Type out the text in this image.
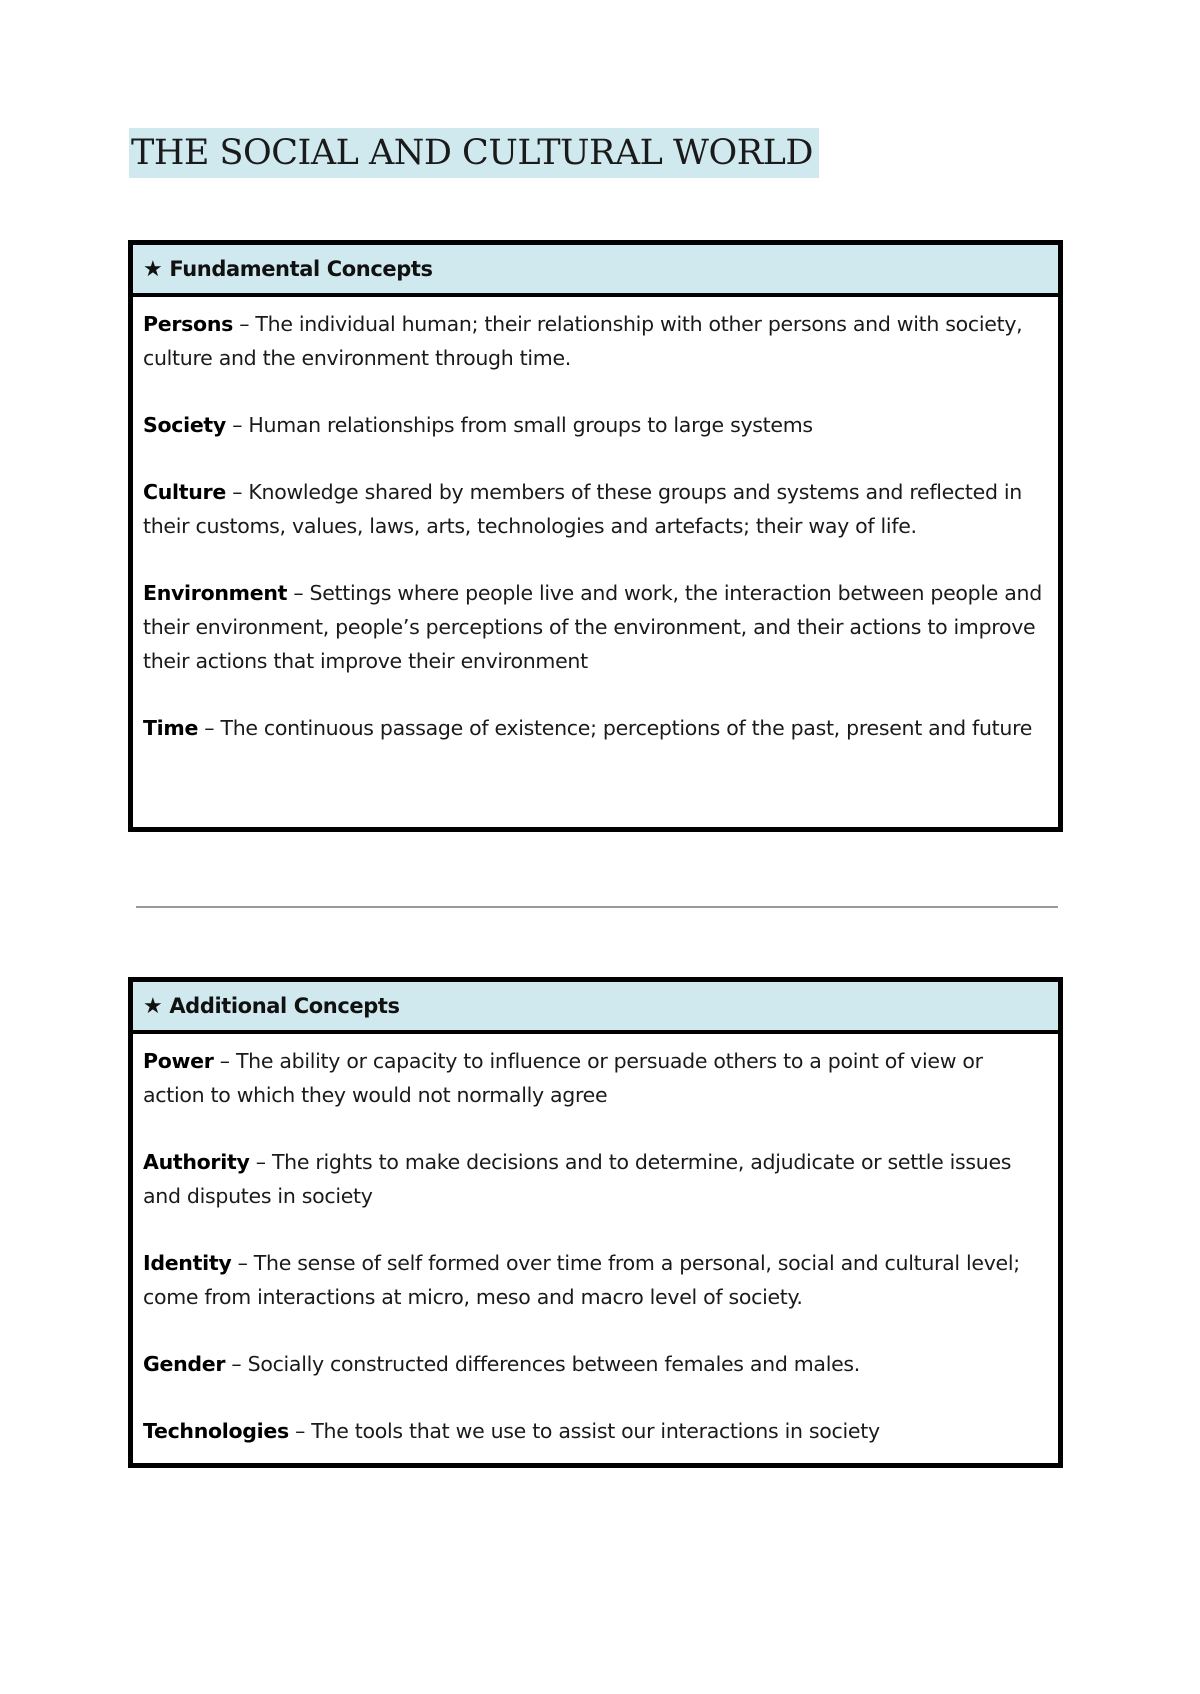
THE SOCIAL AND CULTURAL WORLD
★ Fundamental Concepts

Persons – The individual human; their relationship with other persons and with society, culture and the environment through time.

Society – Human relationships from small groups to large systems

Culture – Knowledge shared by members of these groups and systems and reflected in their customs, values, laws, arts, technologies and artefacts; their way of life.

Environment – Settings where people live and work, the interaction between people and their environment, people’s perceptions of the environment, and their actions to improve their actions that improve their environment

Time – The continuous passage of existence; perceptions of the past, present and future

★ Additional Concepts

Power – The ability or capacity to influence or persuade others to a point of view or action to which they would not normally agree

Authority – The rights to make decisions and to determine, adjudicate or settle issues and disputes in society

Identity – The sense of self formed over time from a personal, social and cultural level; come from interactions at micro, meso and macro level of society.

Gender – Socially constructed differences between females and males.

Technologies – The tools that we use to assist our interactions in society
